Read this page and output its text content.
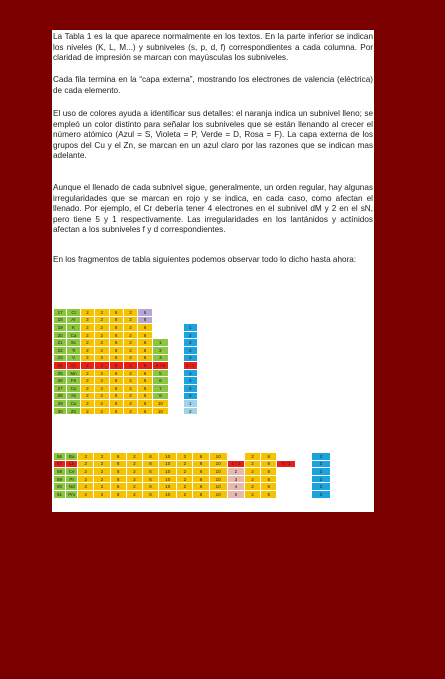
La Tabla 1 es la que aparece normalmente en los textos. En la parte inferior se indican los niveles (K, L, M...) y subniveles (s, p, d, f) correspondientes a cada columna. Por claridad de impresión se marcan con mayúsculas los subniveles.

Cada fila termina en la “capa externa”, mostrando los electrones de valencia (eléctrica) de cada elemento.

El uso de colores ayuda a identificar sus detalles: el naranja indica un subnivel lleno; se empleó un color distinto para señalar los subniveles que se están llenando al crecer el número atómico (Azul = S, Violeta = P, Verde = D, Rosa = F). La capa externa de los grupos del Cu y el Zn, se marcan en un azul claro por las razones que se indican mas adelante.

Aunque el llenado de cada subnivel sigue, generalmente, un orden regular, hay algunas irregularidades que se marcan en rojo y se indica, en cada caso, como afectan el llenado. Por ejemplo, el Cr debería tener 4 electrones en el subnivel dM y 2 en el sN, pero tiene 5 y 1 respectivamente. Las irregularidades en los lantánidos y actínidos afectan a los subniveles f y d correspondientes.

En los fragmentos de tabla siguientes podemos observar todo lo dicho hasta ahora:

17	Cl	2	2	6	2	5			
18	Ar	2	2	6	2	6			
19	K	2	2	6	2	6			1
20	Ca	2	2	6	2	6			2
21	Sc	2	2	6	2	6	1		2
22	Ti	2	2	6	2	6	2		2
23	V	2	2	6	2	6	3		2
24	Cr	2	2	6	2	6	4 / 5		2 / 1
25	Mn	2	2	6	2	6	5		2
26	Fe	2	2	6	2	6	6		2
27	Co	2	2	6	2	6	7		2
28	Ni	2	2	6	2	6	8		2
29	Cu	2	2	6	2	6	10		1
30	Zn	2	2	6	2	6	10		2
56	Ba	2	2	6	2	6	10	2	6	10		2	6			2
57	La	2	2	6	2	6	10	2	6	10	1 / 0	2	6	0 / 1		2
58	Ce	2	2	6	2	6	10	2	6	10	2	2	6			2
59	Pr	2	2	6	2	6	10	2	6	10	3	2	6			2
60	Nd	2	2	6	2	6	10	2	6	10	4	2	6			2
61	Pm	2	2	6	2	6	10	2	6	10	5	2	6			2
